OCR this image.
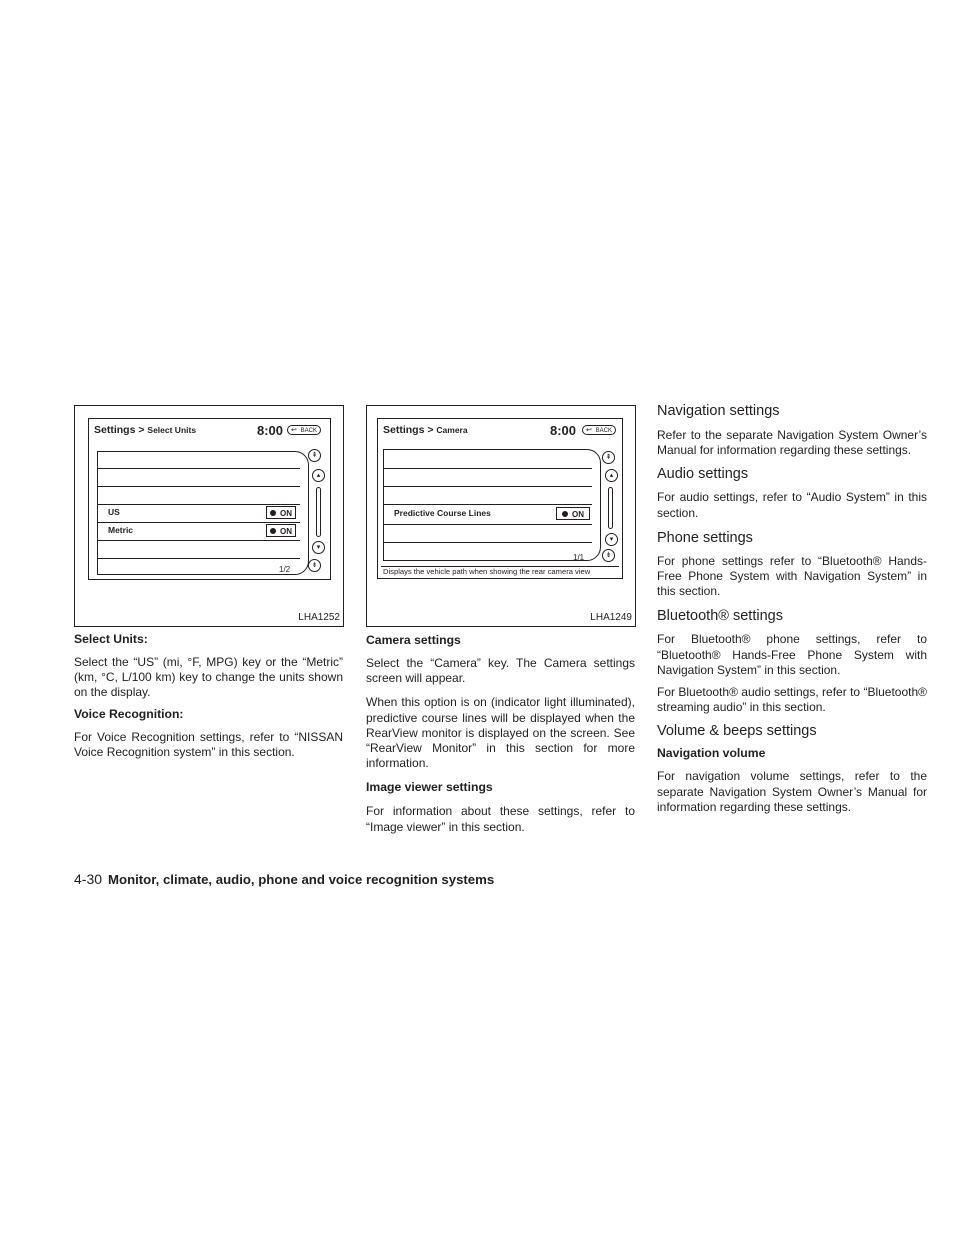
Settings > Select Units	8:00 ↩ BACK
US	ON
Metric	ON
⇞
▴
▾
⇟
1/2
LHA1252
Settings > Camera	8:00 ↩ BACK
Predictive Course Lines	ON
⇞
▴
▾
⇟
1/1
Displays the vehicle path when showing the rear camera view
LHA1249
Select Units:

Select the “US” (mi, °F, MPG) key or the “Metric” (km, °C, L/100 km) key to change the units shown on the display.

Voice Recognition:

For Voice Recognition settings, refer to “NISSAN Voice Recognition system” in this section.

Camera settings

Select the “Camera” key. The Camera settings screen will appear.

When this option is on (indicator light illuminated), predictive course lines will be displayed when the RearView monitor is displayed on the screen. See “RearView Monitor” in this section for more information.

Image viewer settings

For information about these settings, refer to “Image viewer” in this section.

Navigation settings

Refer to the separate Navigation System Owner’s Manual for information regarding these settings.

Audio settings

For audio settings, refer to “Audio System” in this section.

Phone settings

For phone settings refer to “Bluetooth® Hands-Free Phone System with Navigation System” in this section.

Bluetooth® settings

For Bluetooth® phone settings, refer to “Bluetooth® Hands-Free Phone System with Navigation System” in this section.

For Bluetooth® audio settings, refer to “Bluetooth® streaming audio” in this section.

Volume & beeps settings
Navigation volume

For navigation volume settings, refer to the separate Navigation System Owner’s Manual for information regarding these settings.

4-30 Monitor, climate, audio, phone and voice recognition systems
